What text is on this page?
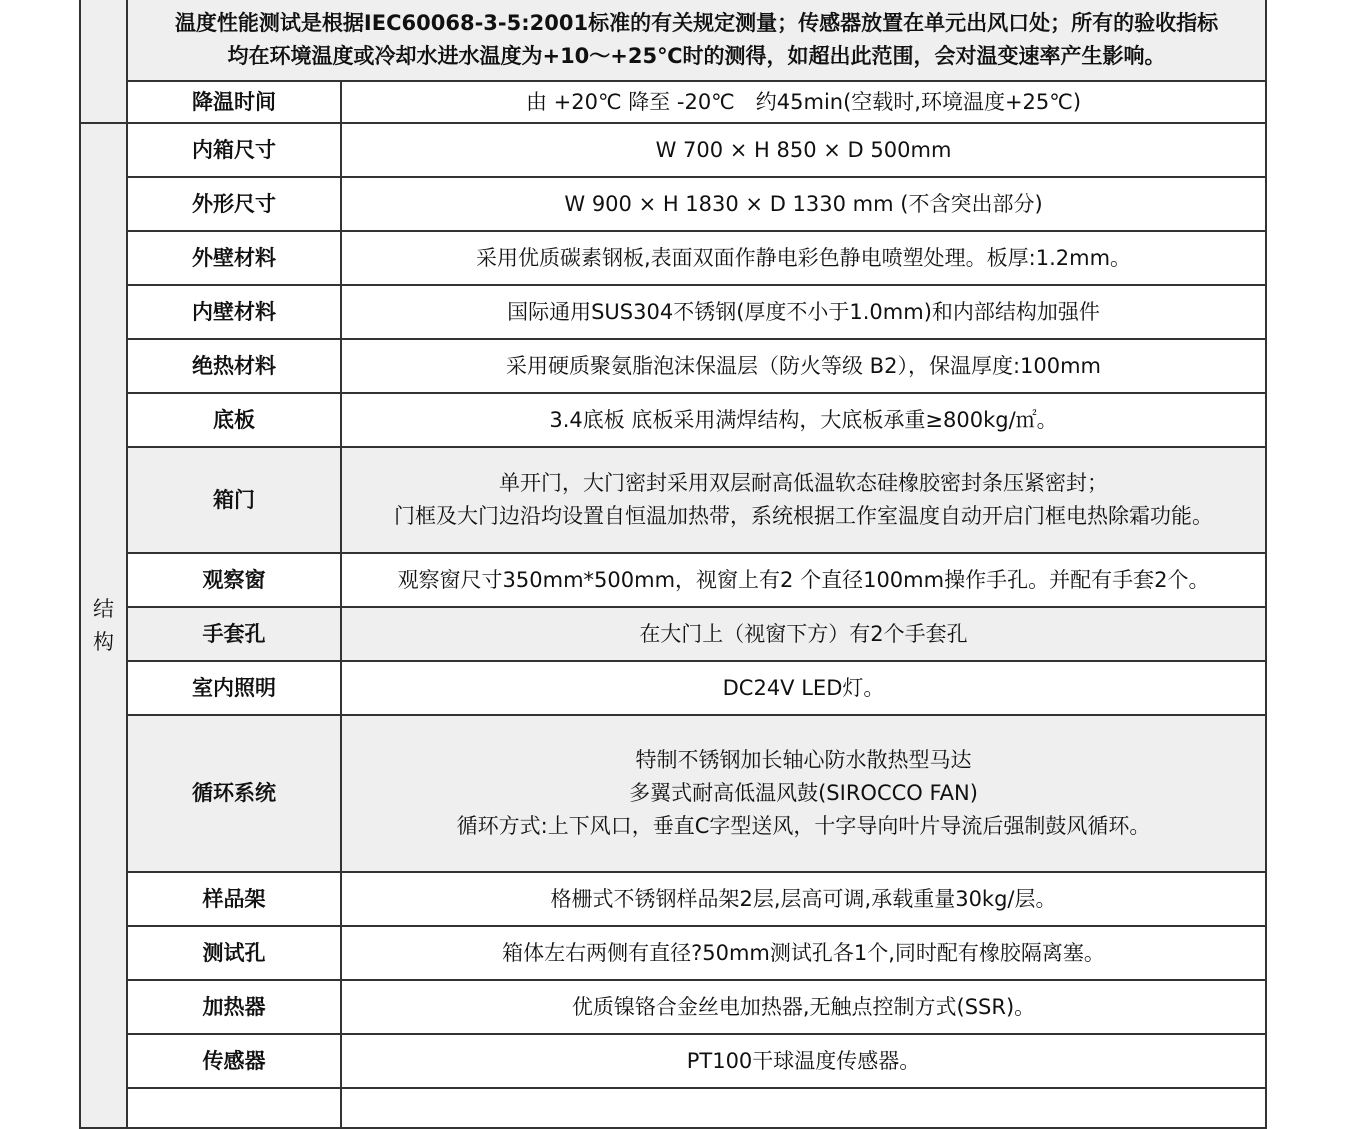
	温度性能测试是根据IEC60068-3-5:2001标准的有关规定测量；传感器放置在单元出风口处；所有的验收指标
均在环境温度或冷却水进水温度为+10～+25℃时的测得，如超出此范围，会对温变速率产生影响。	

	降温时间	由 +20℃ 降至 -20℃　约45min(空载时,环境温度+25℃)
结构	内箱尺寸	W 700 × H 850 × D 500mm

	外形尺寸	W 900 × H 1830 × D 1330 mm (不含突出部分)

	外壁材料	采用优质碳素钢板,表面双面作静电彩色静电喷塑处理。板厚:1.2mm。

	内壁材料	国际通用SUS304不锈钢(厚度不小于1.0mm)和内部结构加强件

	绝热材料	采用硬质聚氨脂泡沫保温层（防火等级 B2），保温厚度:100mm

	底板	3.4底板 底板采用满焊结构，大底板承重≥800kg/㎡。

	箱门	单开门，大门密封采用双层耐高低温软态硅橡胶密封条压紧密封；
门框及大门边沿均设置自恒温加热带，系统根据工作室温度自动开启门框电热除霜功能。

	观察窗	观察窗尺寸350mm*500mm，视窗上有2 个直径100mm操作手孔。并配有手套2个。

	手套孔	在大门上（视窗下方）有2个手套孔

	室内照明	DC24V LED灯。

	循环系统	特制不锈钢加长轴心防水散热型马达
多翼式耐高低温风鼓(SIROCCO FAN)
循环方式:上下风口，垂直C字型送风，十字导向叶片导流后强制鼓风循环。

	样品架	格栅式不锈钢样品架2层,层高可调,承载重量30kg/层。

	测试孔	箱体左右两侧有直径?50mm测试孔各1个,同时配有橡胶隔离塞。

	加热器	优质镍铬合金丝电加热器,无触点控制方式(SSR)。

	传感器	PT100干球温度传感器。
